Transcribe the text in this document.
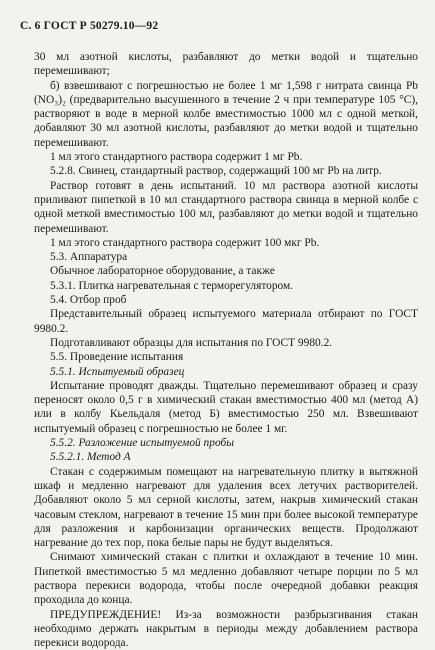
С. 6 ГОСТ Р 50279.10—92

30 мл азотной кислоты, разбавляют до метки водой и тщательно перемешивают;

б) взвешивают с погрешностью не более 1 мг 1,598 г нитрата свинца Pb (NO₃)₂ (предварительно высушенного в течение 2 ч при температуре 105 °С), растворяют в воде в мерной колбе вместимостью 1000 мл с одной меткой, добавляют 30 мл азотной кислоты, разбавляют до метки водой и тщательно перемешивают.

1 мл этого стандартного раствора содержит 1 мг Pb.

5.2.8. Свинец, стандартный раствор, содержащий 100 мг Pb на литр.

Раствор готовят в день испытаний. 10 мл раствора азотной кислоты приливают пипеткой в 10 мл стандартного раствора свинца в мерной колбе с одной меткой вместимостью 100 мл, разбавляют до метки водой и тщательно перемешивают.

1 мл этого стандартного раствора содержит 100 мкг Pb.

5.3. Аппаратура

Обычное лабораторное оборудование, а также

5.3.1. Плитка нагревательная с терморегулятором.

5.4. Отбор проб

Представительный образец испытуемого материала отбирают по ГОСТ 9980.2.

Подготавливают образцы для испытания по ГОСТ 9980.2.

5.5. Проведение испытания

5.5.1. Испытуемый образец

Испытание проводят дважды. Тщательно перемешивают образец и сразу переносят около 0,5 г в химический стакан вместимостью 400 мл (метод А) или в колбу Кьельдаля (метод Б) вместимостью 250 мл. Взвешивают испытуемый образец с погрешностью не более 1 мг.

5.5.2. Разложение испытуемой пробы

5.5.2.1. Метод А

Стакан с содержимым помещают на нагревательную плитку в вытяжной шкаф и медленно нагревают для удаления всех летучих растворителей. Добавляют около 5 мл серной кислоты, затем, накрыв химический стакан часовым стеклом, нагревают в течение 15 мин при более высокой температуре для разложения и карбонизации органических веществ. Продолжают нагревание до тех пор, пока белые пары не будут выделяться.

Снимают химический стакан с плитки и охлаждают в течение 10 мин. Пипеткой вместимостью 5 мл медленно добавляют четыре порции по 5 мл раствора перекиси водорода, чтобы после очередной добавки реакция проходила до конца.

ПРЕДУПРЕЖДЕНИЕ! Из-за возможности разбрызгивания стакан необходимо держать накрытым в периоды между добавлением раствора перекиси водорода.
